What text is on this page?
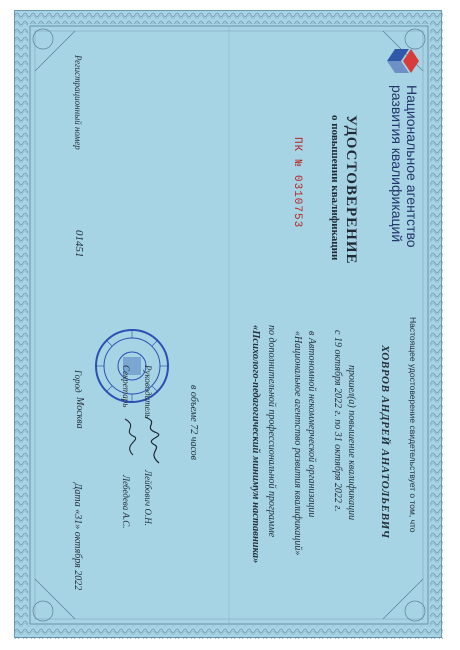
Национальное агентство
развития квалификаций
УДОСТОВЕРЕНИЕ
о повышении квалификации
ПК № 0310753
Регистрационный номер
01451
Настоящее удостоверение свидетельствует о том, что
ХОВРОВ АНДРЕЙ АНАТОЛЬЕВИЧ
прошел(а) повышение квалификации
с 19 октября 2022 г. по 31 октября 2022 г.
в Автономной некоммерческой организации
«Национальное агентство развития квалификаций»
по дополнительной профессиональной программе
«Психолого-педагогический минимум наставника»
в объеме 72 часов
Руководитель
Лейбович О.Н.
Секретарь
Лебедева А.С.
Город
Москва
Дата «31» октября 2022
